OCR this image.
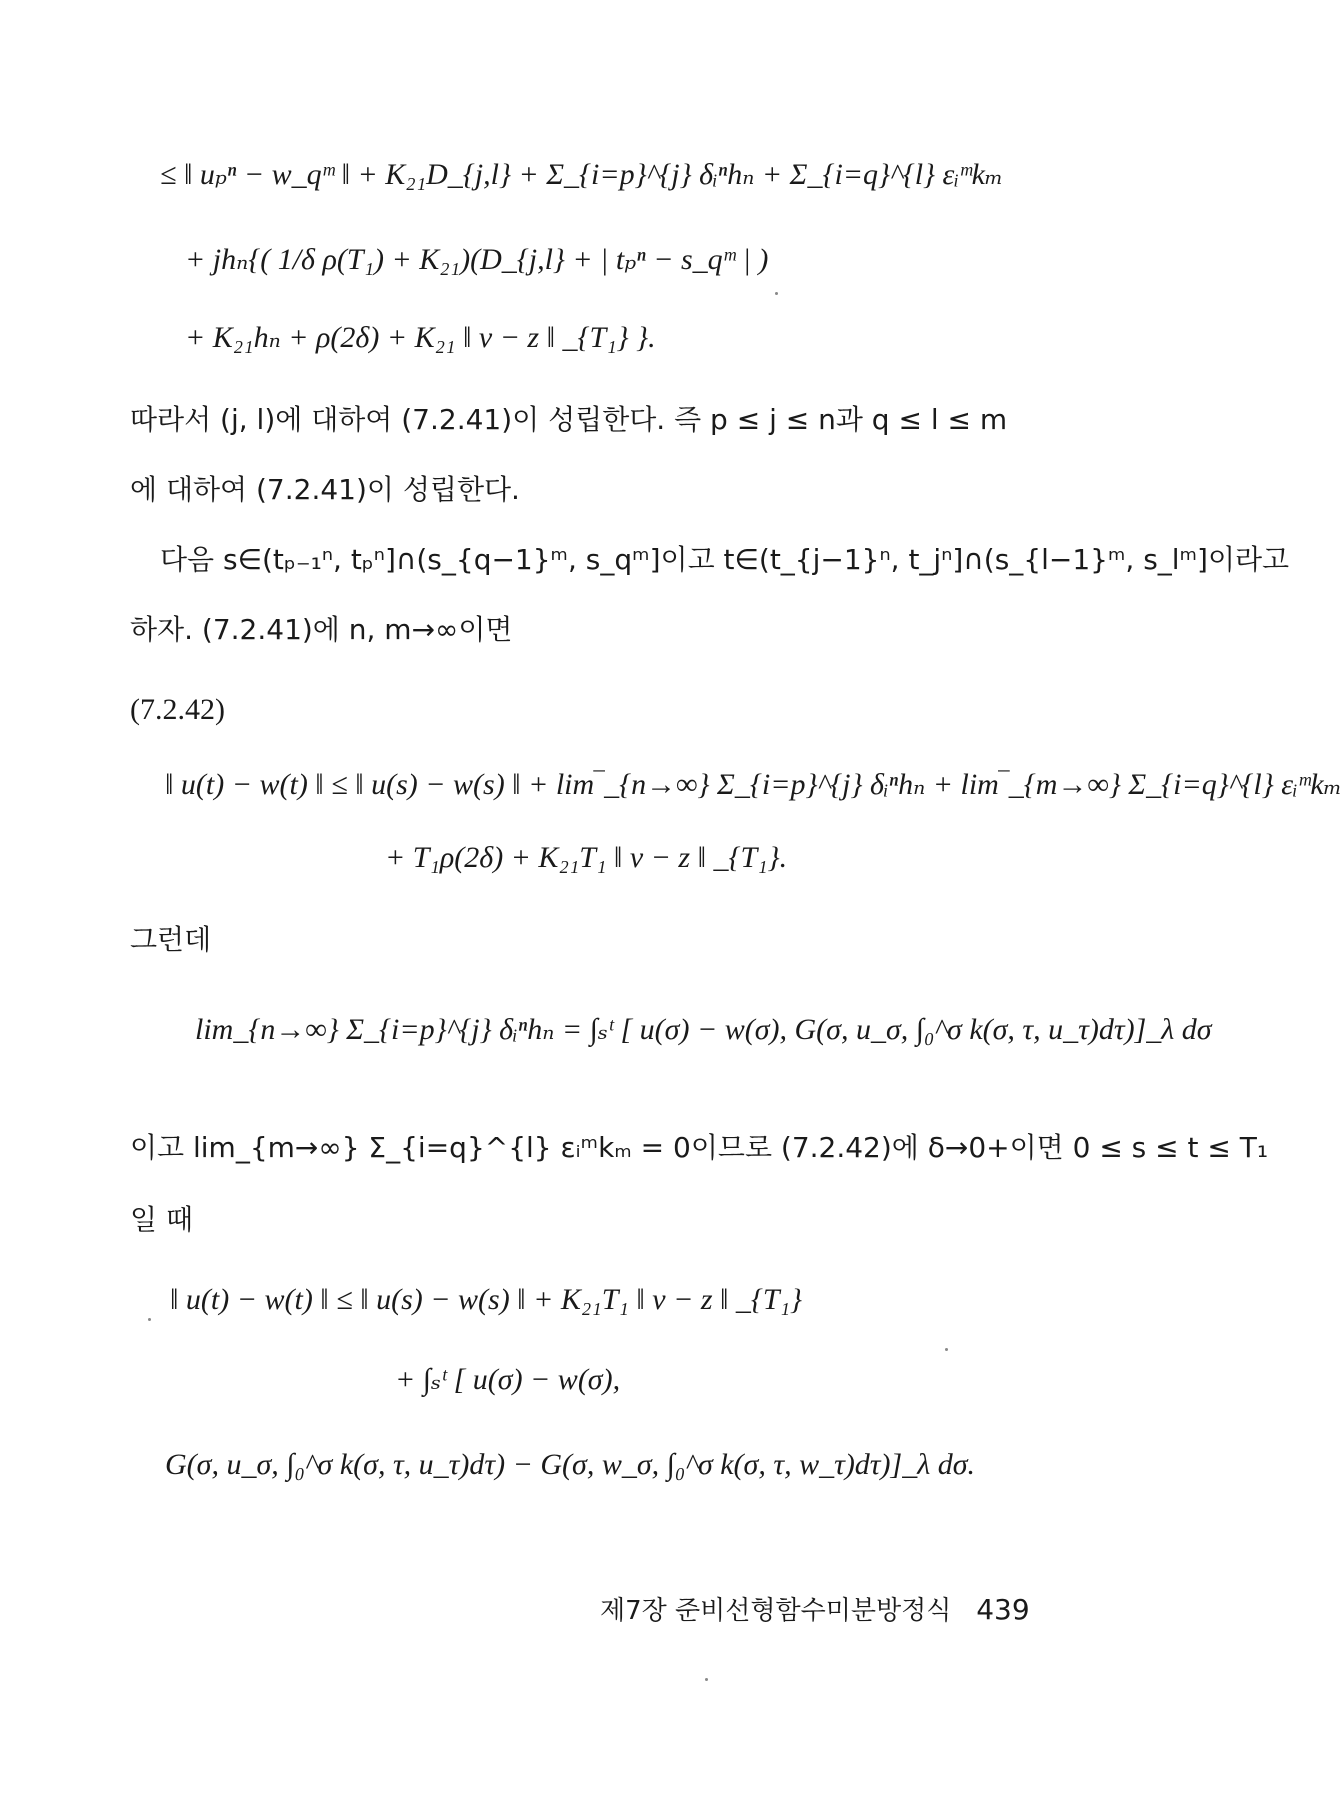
≤ ‖ uₚⁿ − w_qᵐ ‖ + K₂₁D_{j,l} + Σ_{i=p}^{j} δᵢⁿhₙ + Σ_{i=q}^{l} εᵢᵐkₘ
+ jhₙ{( 1/δ ρ(T₁) + K₂₁)(D_{j,l} + | tₚⁿ − s_qᵐ | )
+ K₂₁hₙ + ρ(2δ) + K₂₁ ‖ v − z ‖ _{T₁} }.
따라서 (j, l)에 대하여 (7.2.41)이 성립한다. 즉 p ≤ j ≤ n과 q ≤ l ≤ m
에 대하여 (7.2.41)이 성립한다.
다음 s∈(tₚ₋₁ⁿ, tₚⁿ]∩(s_{q−1}ᵐ, s_qᵐ]이고 t∈(t_{j−1}ⁿ, t_jⁿ]∩(s_{l−1}ᵐ, s_lᵐ]이라고
하자. (7.2.41)에 n, m→∞이면
(7.2.42)
‖ u(t) − w(t) ‖ ≤ ‖ u(s) − w(s) ‖ + lim‾_{n→∞} Σ_{i=p}^{j} δᵢⁿhₙ + lim‾_{m→∞} Σ_{i=q}^{l} εᵢᵐkₘ
+ T₁ρ(2δ) + K₂₁T₁ ‖ v − z ‖ _{T₁}.
그런데
lim_{n→∞} Σ_{i=p}^{j} δᵢⁿhₙ = ∫ₛᵗ [ u(σ) − w(σ), G(σ, u_σ, ∫₀^σ k(σ, τ, u_τ)dτ)]_λ dσ
이고 lim_{m→∞} Σ_{i=q}^{l} εᵢᵐkₘ = 0이므로 (7.2.42)에 δ→0+이면 0 ≤ s ≤ t ≤ T₁
일 때
‖ u(t) − w(t) ‖ ≤ ‖ u(s) − w(s) ‖ + K₂₁T₁ ‖ v − z ‖ _{T₁}
+ ∫ₛᵗ [ u(σ) − w(σ),
G(σ, u_σ, ∫₀^σ k(σ, τ, u_τ)dτ) − G(σ, w_σ, ∫₀^σ k(σ, τ, w_τ)dτ)]_λ dσ.
제7장 준비선형함수미분방정식 439
